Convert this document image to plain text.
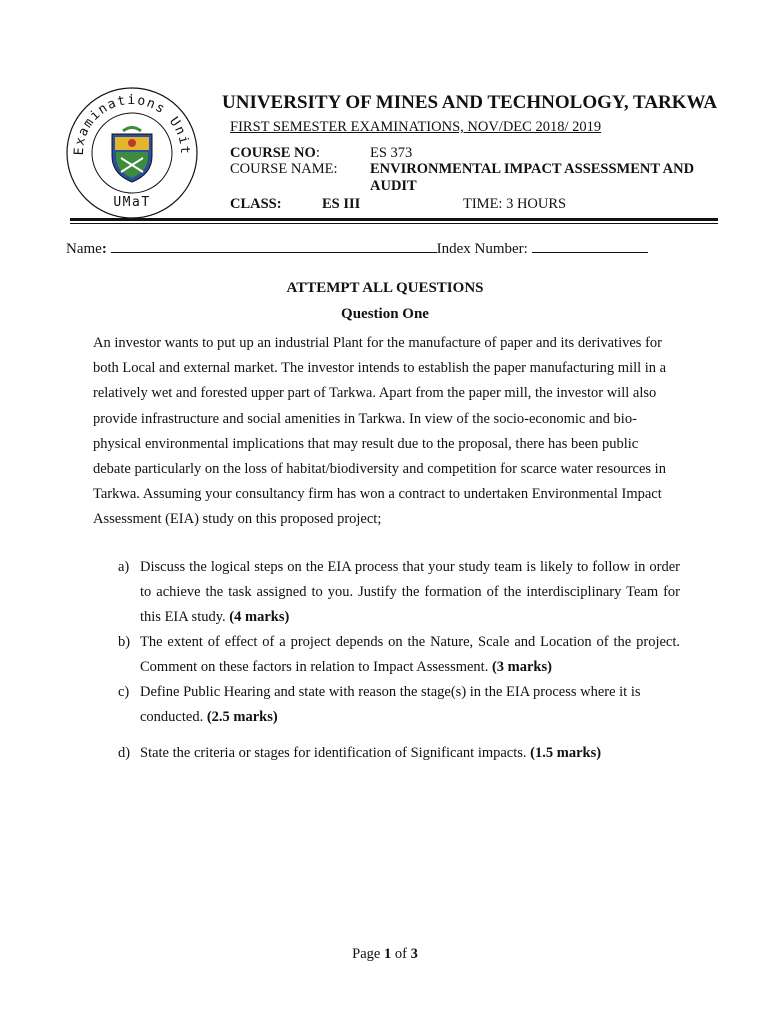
Examinations Unit
UMaT
UNIVERSITY OF MINES AND TECHNOLOGY, TARKWA
FIRST SEMESTER EXAMINATIONS, NOV/DEC 2018/ 2019
COURSE NO:	ES 373
COURSE NAME: ENVIRONMENTAL IMPACT ASSESSMENT AND
AUDIT
CLASS:	ES III	TIME: 3 HOURS
Name:	Index Number:
ATTEMPT ALL QUESTIONS
Question One
An investor wants to put up an industrial Plant for the manufacture of paper and its derivatives for both Local and external market. The investor intends to establish the paper manufacturing mill in a relatively wet and forested upper part of Tarkwa. Apart from the paper mill, the investor will also provide infrastructure and social amenities in Tarkwa. In view of the socio-economic and bio-physical environmental implications that may result due to the proposal, there has been public debate particularly on the loss of habitat/biodiversity and competition for scarce water resources in Tarkwa. Assuming your consultancy firm has won a contract to undertaken Environmental Impact Assessment (EIA) study on this proposed project;
a) Discuss the logical steps on the EIA process that your study team is likely to follow in order to achieve the task assigned to you. Justify the formation of the interdisciplinary Team for this EIA study. (4 marks)
b) The extent of effect of a project depends on the Nature, Scale and Location of the project. Comment on these factors in relation to Impact Assessment. (3 marks)
c) Define Public Hearing and state with reason the stage(s) in the EIA process where it is conducted. (2.5 marks)
d) State the criteria or stages for identification of Significant impacts. (1.5 marks)
Page 1 of 3
